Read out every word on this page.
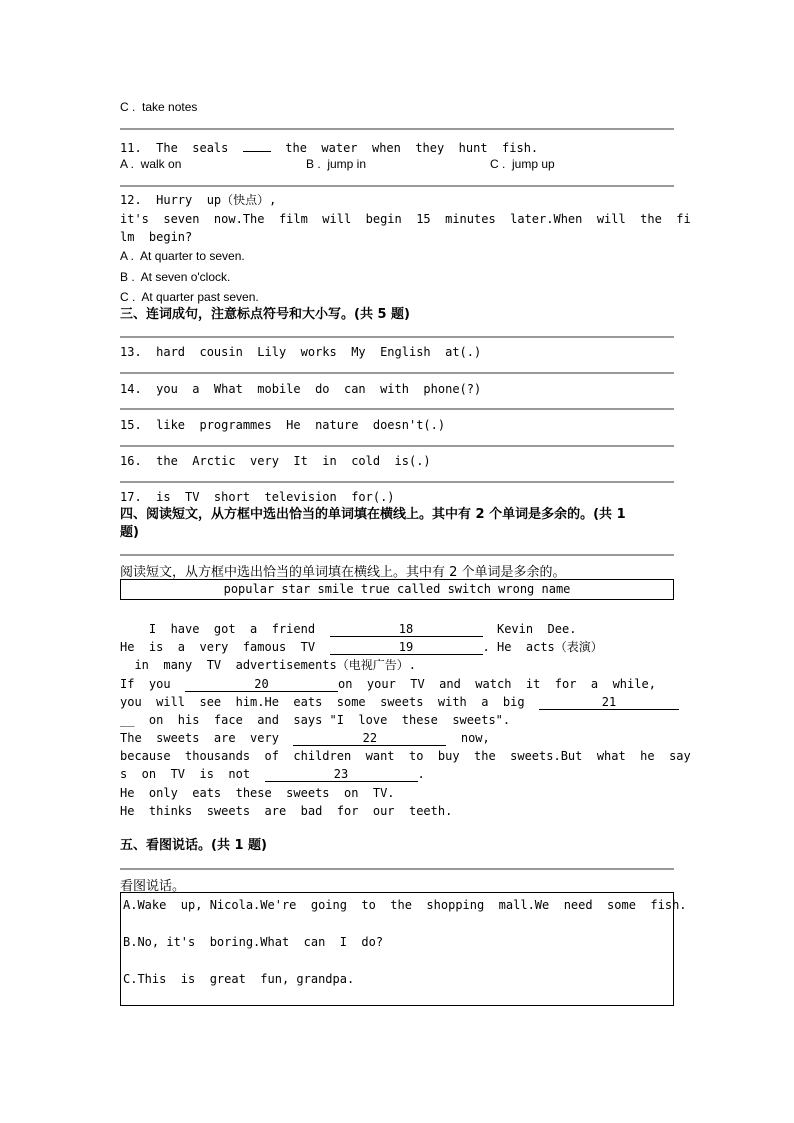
C .  take notes
11.  The  seals    the  water  when  they  hunt  fish.
A .  walk on	B .  jump in	C .  jump up
12.  Hurry  up（快点）,
it's  seven  now.The  film  will  begin  15  minutes  later.When  will  the  fi
lm  begin?
A .  At quarter to seven.
B .  At seven o'clock.
C .  At quarter past seven.
三、连词成句，注意标点符号和大小写。(共 5 题)
13.  hard  cousin  Lily  works  My  English  at(.)
14.  you  a  What  mobile  do  can  with  phone(?)
15.  like  programmes  He  nature  doesn't(.)
16.  the  Arctic  very  It  in  cold  is(.)
17.  is  TV  short  television  for(.)
四、阅读短文，从方框中选出恰当的单词填在横线上。其中有 2 个单词是多余的。(共 1
题)
阅读短文，从方框中选出恰当的单词填在横线上。其中有 2 个单词是多余的。
popular star smile true called switch wrong name
I  have  got  a  friend	18	Kevin  Dee.
He  is  a  very  famous  TV	19	. He  acts（表演）
in  many  TV  advertisements（电视广告）.
If  you	20	on  your  TV  and  watch  it  for  a  while,
you  will  see  him.He  eats  some  sweets  with  a  big	21
__  on  his  face  and  says "I  love  these  sweets".
The  sweets  are  very	22	now,
because  thousands  of  children  want  to  buy  the  sweets.But  what  he  say
s  on  TV  is  not	23	.
He  only  eats  these  sweets  on  TV.
He  thinks  sweets  are  bad  for  our  teeth.
五、看图说话。(共 1 题)
看图说话。
A.Wake  up, Nicola.We're  going  to  the  shopping  mall.We  need  some  fish.
B.No, it's  boring.What  can  I  do?
C.This  is  great  fun, grandpa.
